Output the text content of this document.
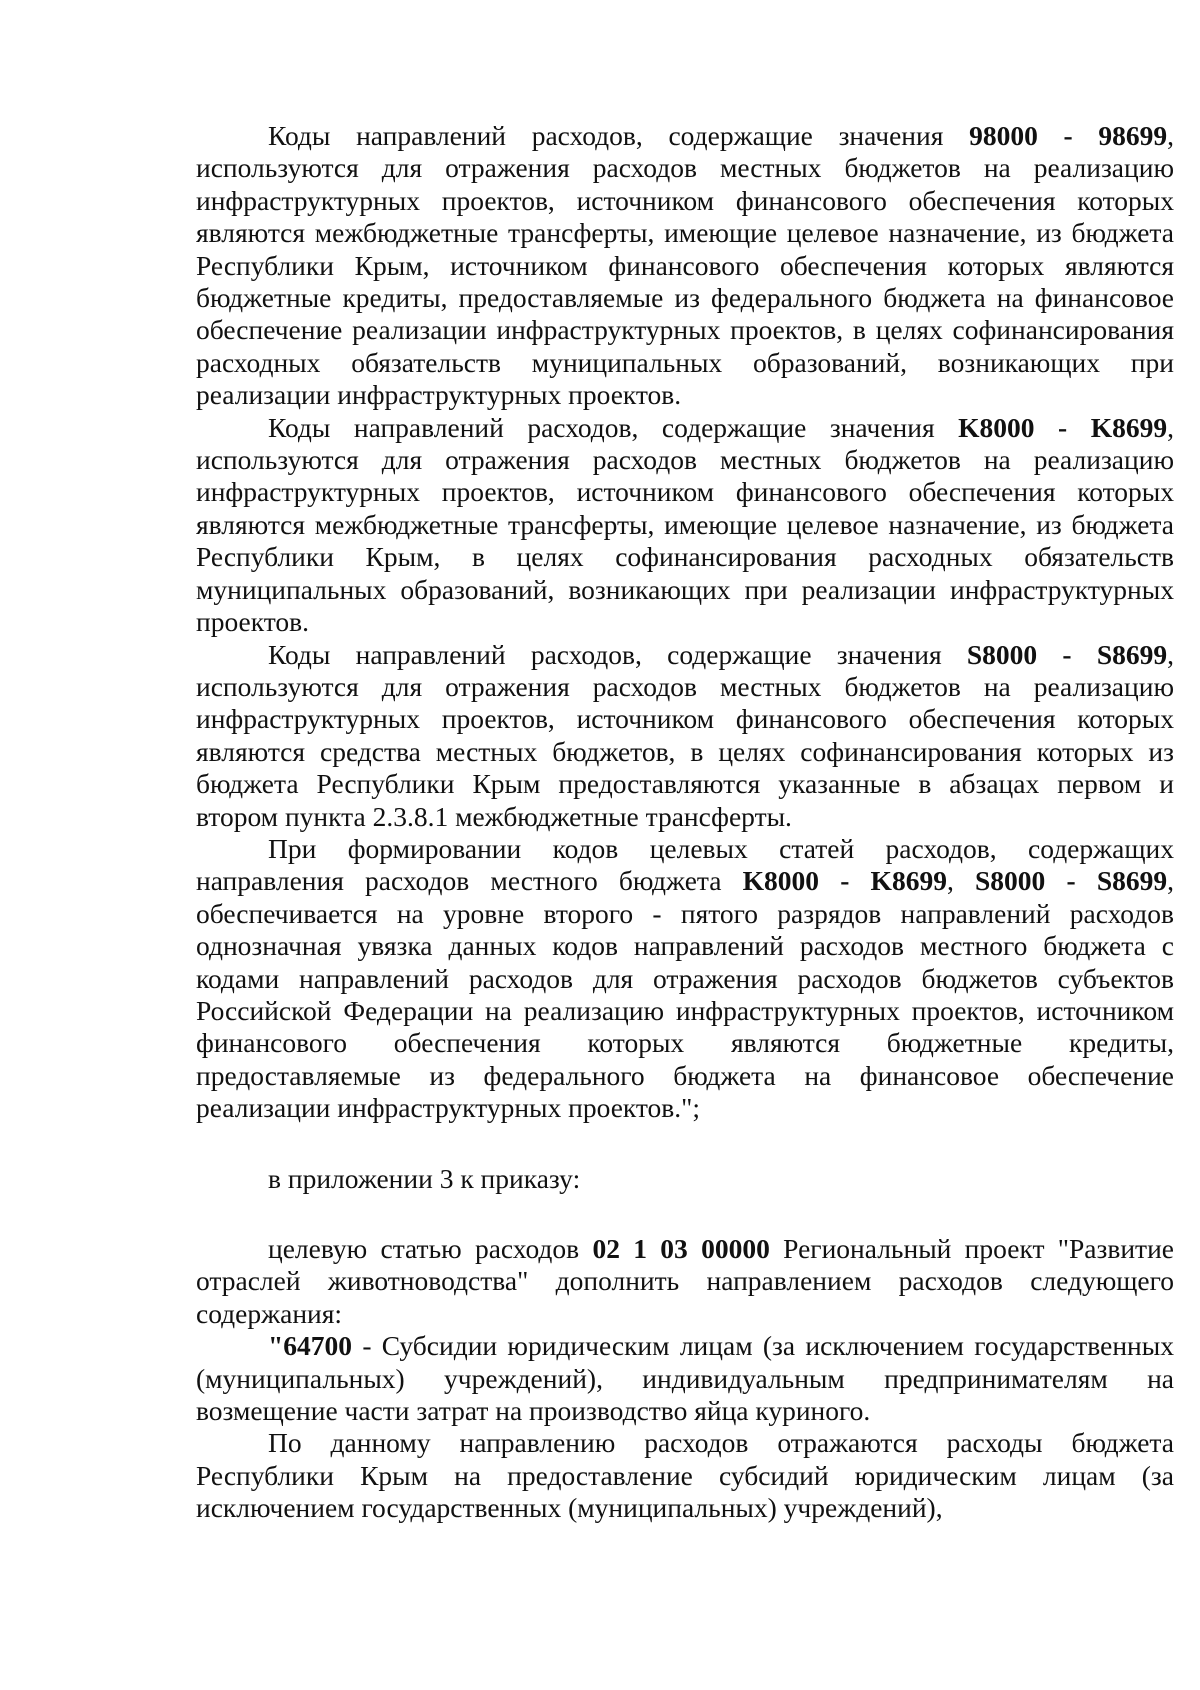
Коды направлений расходов, содержащие значения 98000 - 98699, используются для отражения расходов местных бюджетов на реализацию инфраструктурных проектов, источником финансового обеспечения которых являются межбюджетные трансферты, имеющие целевое назначение, из бюджета Республики Крым, источником финансового обеспечения которых являются бюджетные кредиты, предоставляемые из федерального бюджета на финансовое обеспечение реализации инфраструктурных проектов, в целях софинансирования расходных обязательств муниципальных образований, возникающих при реализации инфраструктурных проектов.

Коды направлений расходов, содержащие значения K8000 - K8699, используются для отражения расходов местных бюджетов на реализацию инфраструктурных проектов, источником финансового обеспечения которых являются межбюджетные трансферты, имеющие целевое назначение, из бюджета Республики Крым, в целях софинансирования расходных обязательств муниципальных образований, возникающих при реализации инфраструктурных проектов.

Коды направлений расходов, содержащие значения S8000 - S8699, используются для отражения расходов местных бюджетов на реализацию инфраструктурных проектов, источником финансового обеспечения которых являются средства местных бюджетов, в целях софинансирования которых из бюджета Республики Крым предоставляются указанные в абзацах первом и втором пункта 2.3.8.1 межбюджетные трансферты.

При формировании кодов целевых статей расходов, содержащих направления расходов местного бюджета K8000 - K8699, S8000 - S8699, обеспечивается на уровне второго - пятого разрядов направлений расходов однозначная увязка данных кодов направлений расходов местного бюджета с кодами направлений расходов для отражения расходов бюджетов субъектов Российской Федерации на реализацию инфраструктурных проектов, источником финансового обеспечения которых являются бюджетные кредиты, предоставляемые из федерального бюджета на финансовое обеспечение реализации инфраструктурных проектов.";

в приложении 3 к приказу:

целевую статью расходов 02 1 03 00000 Региональный проект "Развитие отраслей животноводства" дополнить направлением расходов следующего содержания:

"64700 - Субсидии юридическим лицам (за исключением государственных (муниципальных) учреждений), индивидуальным предпринимателям на возмещение части затрат на производство яйца куриного.

По данному направлению расходов отражаются расходы бюджета Республики Крым на предоставление субсидий юридическим лицам (за исключением государственных (муниципальных) учреждений),
